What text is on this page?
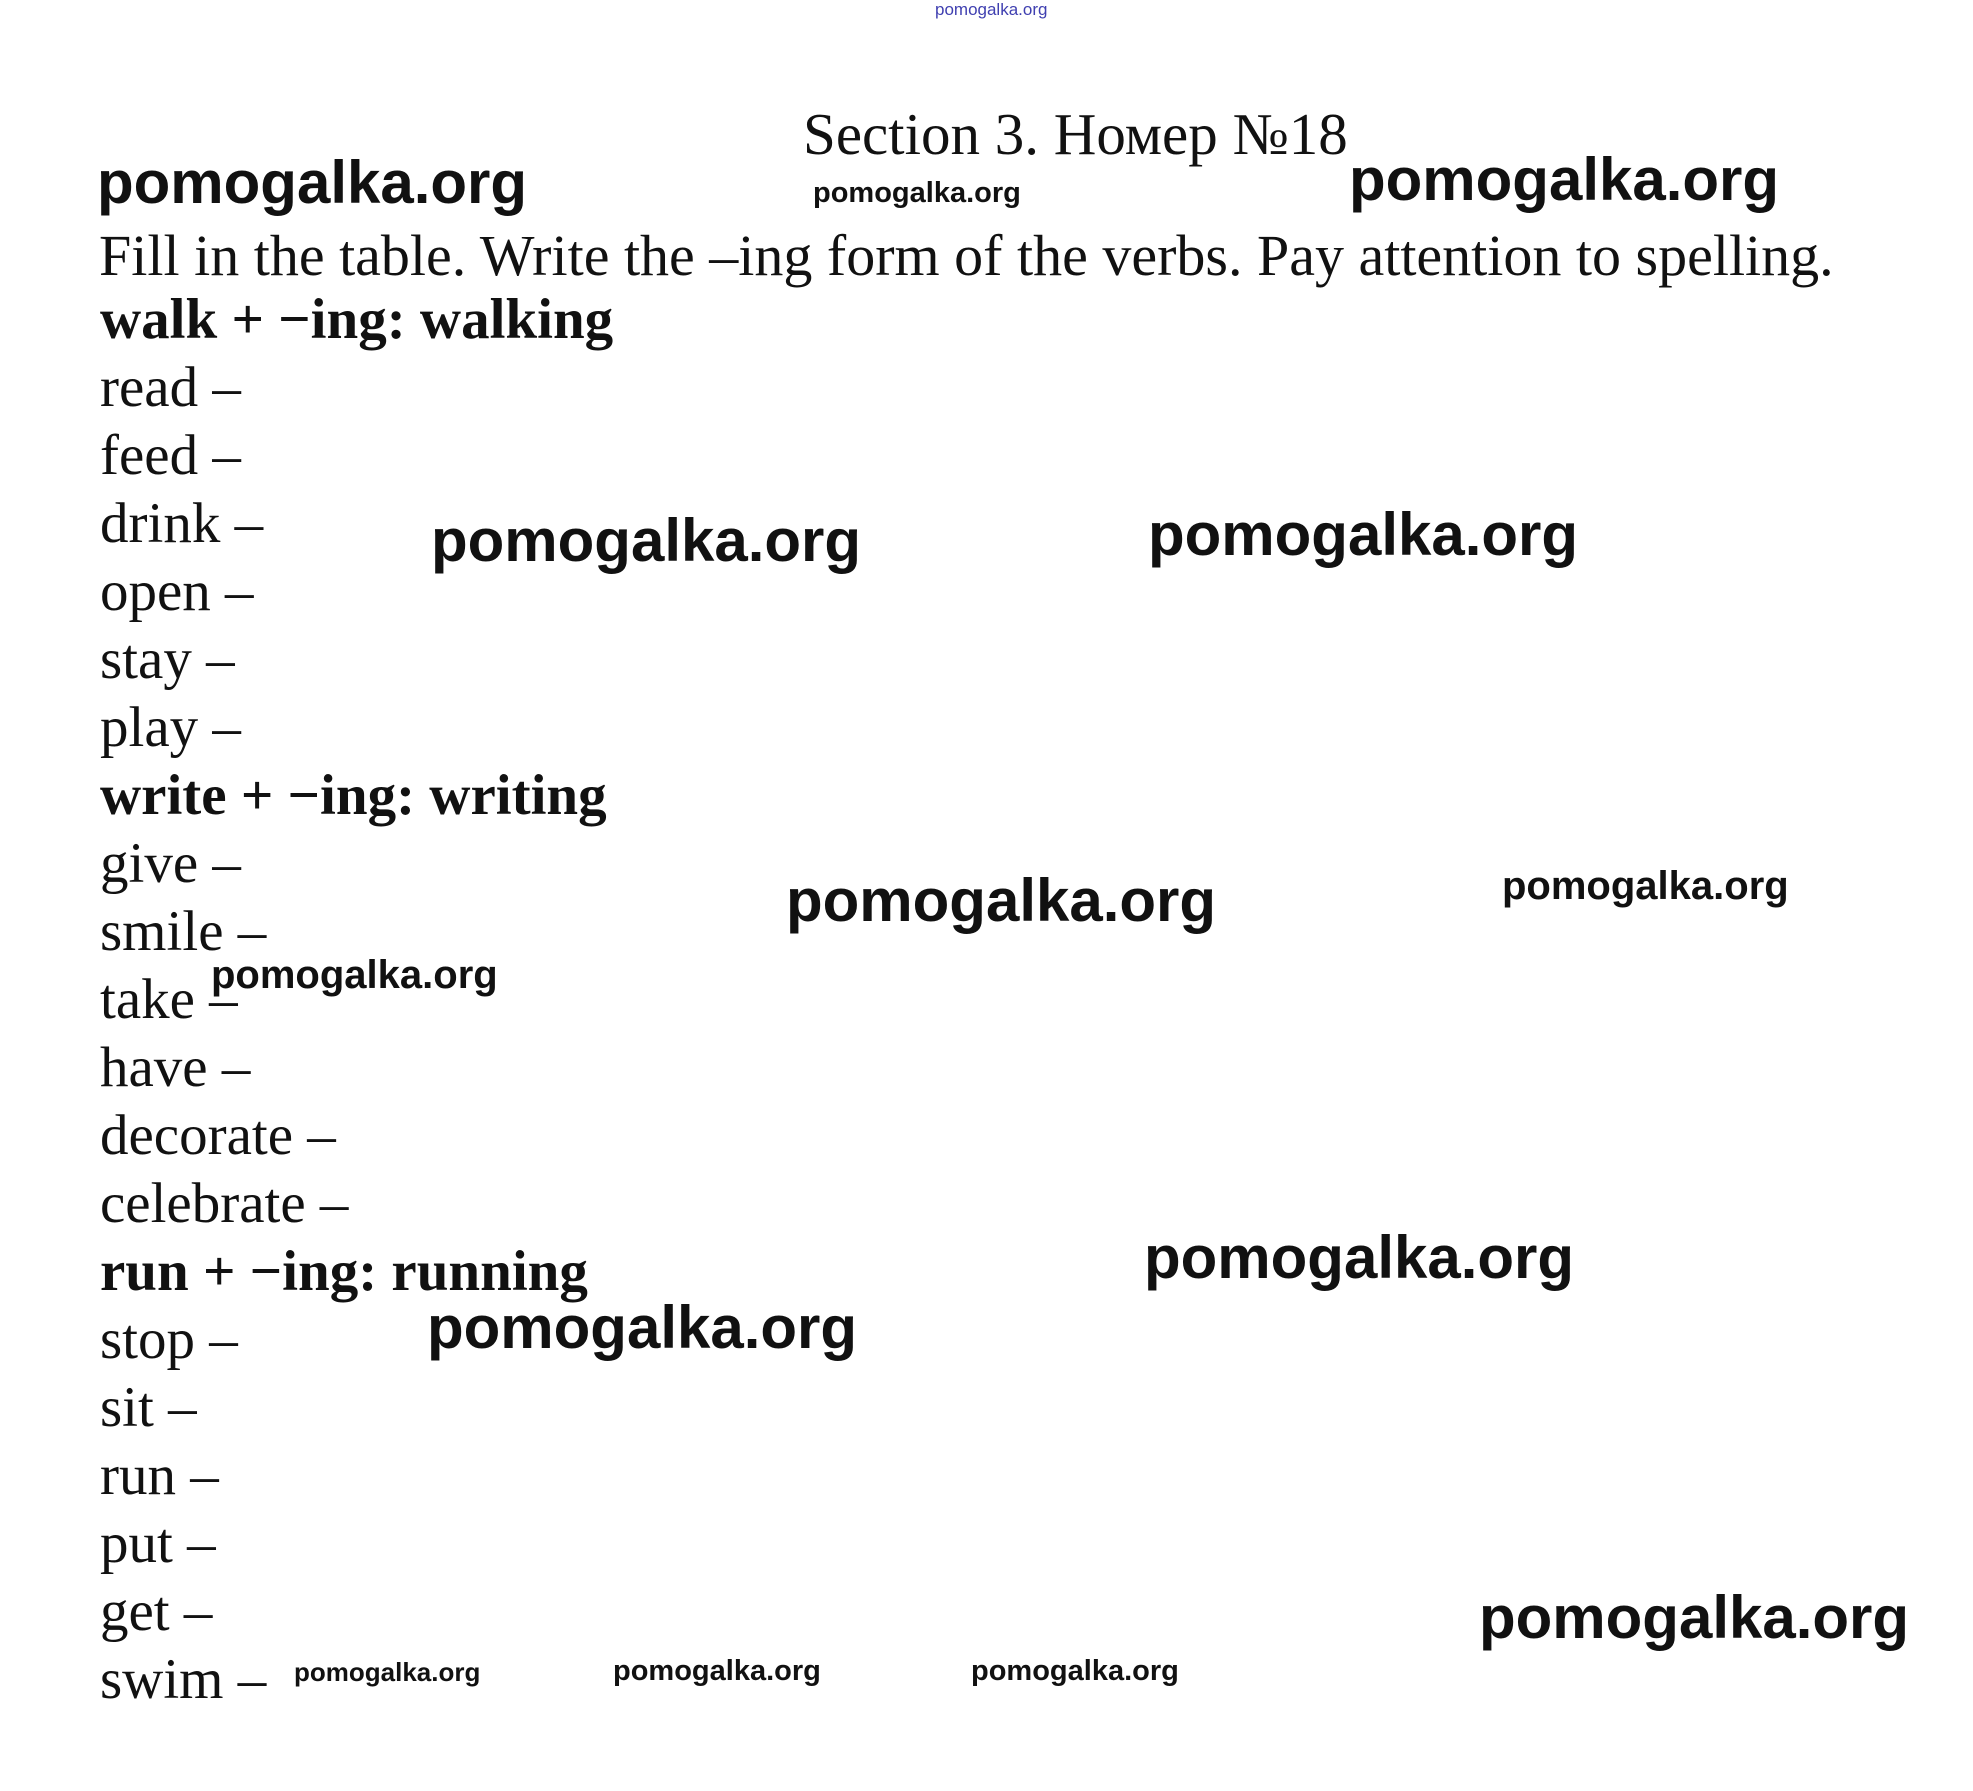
pomogalka.org
Section 3. Номер №18
Fill in the table. Write the –ing form of the verbs. Pay attention to spelling.
walk + −ing: walking
read –
feed –
drink –
open –
stay –
play –
write + −ing: writing
give –
smile –
take –
have –
decorate –
celebrate –
run + −ing: running
stop –
sit –
run –
put –
get –
swim –
pomogalka.org	pomogalka.org	pomogalka.org
pomogalka.org	pomogalka.org
pomogalka.org	pomogalka.org
pomogalka.org
pomogalka.org
pomogalka.org
pomogalka.org
pomogalka.org	pomogalka.org	pomogalka.org
